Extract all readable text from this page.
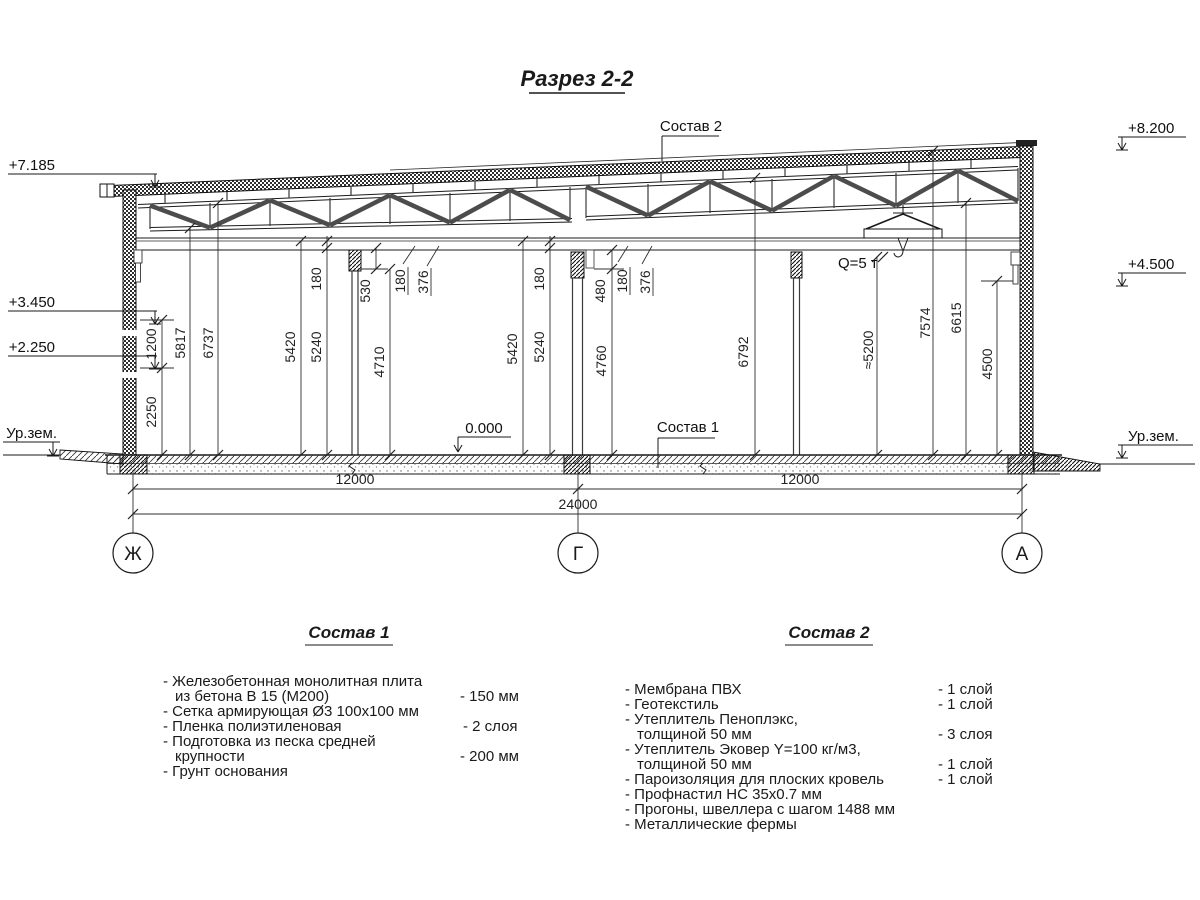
Разрез 2-2
1200
2250
5817 6737	5420 5240
180
530
4710
180 376
5420 5240
180
480
4760
180 376
6792	≈5200
7574 6615
4500
12000	12000
24000
Ж	Г	А
+7.185
+3.450
+2.250
Ур.зем.
+8.200
+4.500
Ур.зем.
0.000
Состав 2
Состав 1
Q=5 т
Состав 1
- Железобетонная монолитная плита
из бетона В 15 (М200)	- 150 мм
- Сетка армирующая Ø3 100х100 мм
- Пленка полиэтиленовая	- 2 слоя
- Подготовка из песка средней
крупности	- 200 мм
- Грунт основания
Состав 2
- Мембрана ПВХ	- 1 слой
- Геотекстиль	- 1 слой
- Утеплитель Пеноплэкс,
толщиной 50 мм	- 3 слоя
- Утеплитель Эковер Y=100 кг/м3,
толщиной 50 мм	- 1 слой
- Пароизоляция для плоских кровель	- 1 слой
- Профнастил НС 35х0.7 мм
- Прогоны, швеллера с шагом 1488 мм
- Металлические фермы
